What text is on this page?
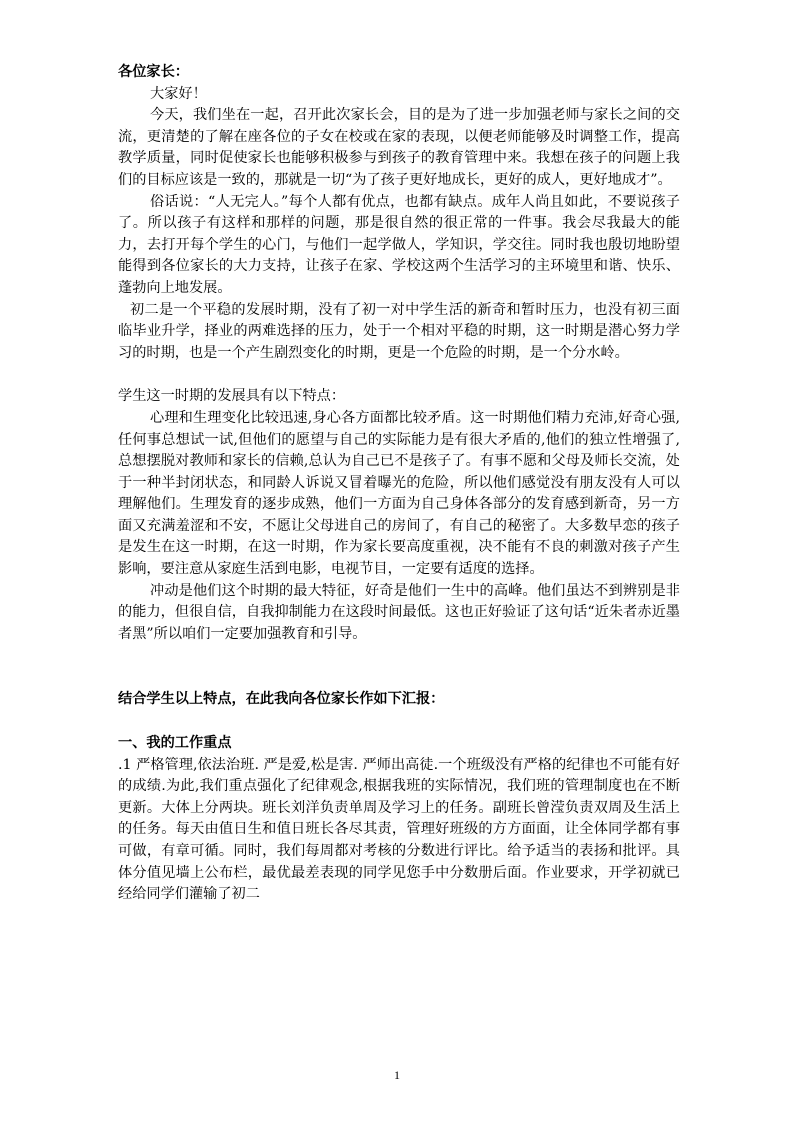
各位家长：

大家好！

今天，我们坐在一起，召开此次家长会，目的是为了进一步加强老师与家长之间的交流，更清楚的了解在座各位的子女在校或在家的表现，以便老师能够及时调整工作，提高教学质量，同时促使家长也能够积极参与到孩子的教育管理中来。我想在孩子的问题上我们的目标应该是一致的，那就是一切“为了孩子更好地成长，更好的成人，更好地成才”。

俗话说：“人无完人。”每个人都有优点，也都有缺点。成年人尚且如此，不要说孩子了。所以孩子有这样和那样的问题，那是很自然的很正常的一件事。我会尽我最大的能力，去打开每个学生的心门，与他们一起学做人，学知识，学交往。同时我也殷切地盼望能得到各位家长的大力支持，让孩子在家、学校这两个生活学习的主环境里和谐、快乐、蓬勃向上地发展。

初二是一个平稳的发展时期，没有了初一对中学生活的新奇和暂时压力，也没有初三面临毕业升学，择业的两难选择的压力，处于一个相对平稳的时期，这一时期是潜心努力学习的时期，也是一个产生剧烈变化的时期，更是一个危险的时期，是一个分水岭。

学生这一时期的发展具有以下特点：

心理和生理变化比较迅速,身心各方面都比较矛盾。这一时期他们精力充沛,好奇心强,任何事总想试一试,但他们的愿望与自己的实际能力是有很大矛盾的,他们的独立性增强了,总想摆脱对教师和家长的信赖,总认为自己已不是孩子了。有事不愿和父母及师长交流，处于一种半封闭状态，和同龄人诉说又冒着曝光的危险，所以他们感觉没有朋友没有人可以理解他们。生理发育的逐步成熟，他们一方面为自己身体各部分的发育感到新奇，另一方面又充满羞涩和不安，不愿让父母进自己的房间了，有自己的秘密了。大多数早恋的孩子是发生在这一时期，在这一时期，作为家长要高度重视，决不能有不良的刺激对孩子产生影响，要注意从家庭生活到电影，电视节目，一定要有适度的选择。

冲动是他们这个时期的最大特征，好奇是他们一生中的高峰。他们虽达不到辨别是非的能力，但很自信，自我抑制能力在这段时间最低。这也正好验证了这句话“近朱者赤近墨者黑”所以咱们一定要加强教育和引导。

结合学生以上特点，在此我向各位家长作如下汇报：

一、我的工作重点

.1 严格管理,依法治班. 严是爱,松是害. 严师出高徒.一个班级没有严格的纪律也不可能有好的成绩.为此,我们重点强化了纪律观念,根据我班的实际情况，我们班的管理制度也在不断更新。大体上分两块。班长刘洋负责单周及学习上的任务。副班长曾滢负责双周及生活上的任务。每天由值日生和值日班长各尽其责，管理好班级的方方面面，让全体同学都有事可做，有章可循。同时，我们每周都对考核的分数进行评比。给予适当的表扬和批评。具体分值见墙上公布栏，最优最差表现的同学见您手中分数册后面。作业要求，开学初就已经给同学们灌输了初二

1
